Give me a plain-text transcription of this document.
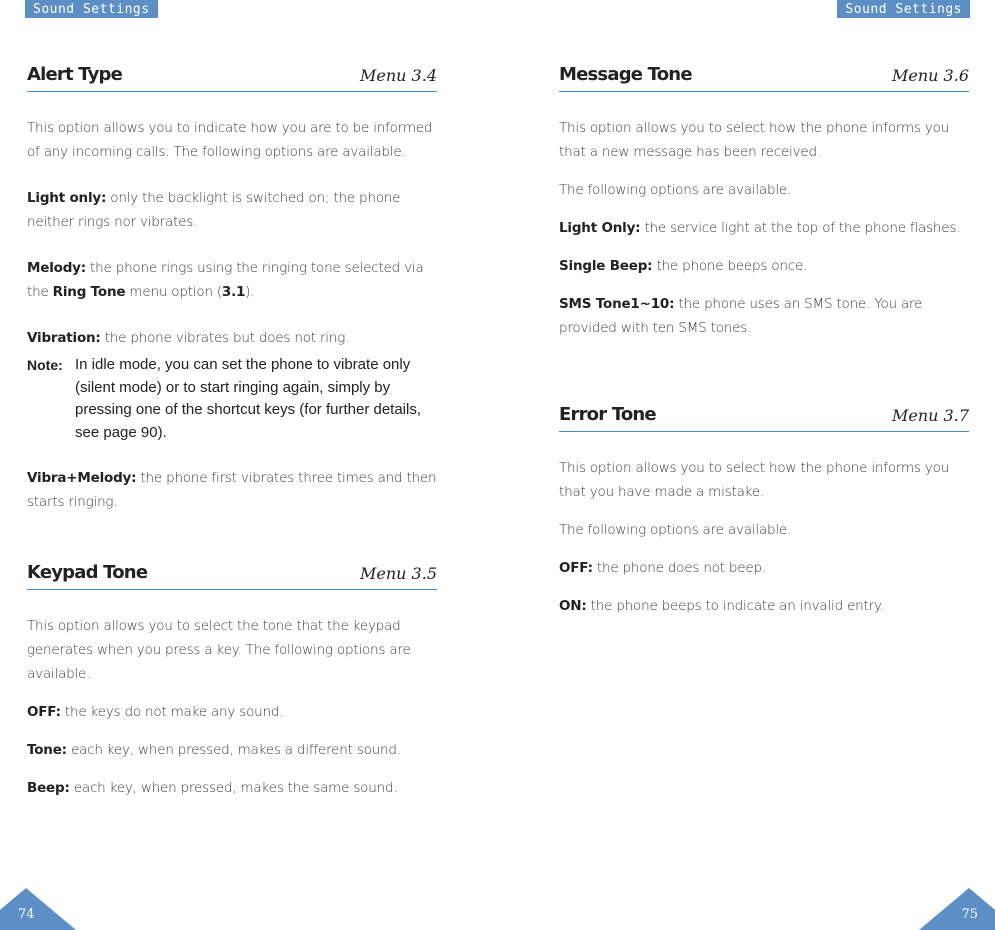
Sound Settings	Sound Settings
Alert Type	Menu 3.4

This option allows you to indicate how you are to be informed of any incoming calls. The following options are available.

Light only: only the backlight is switched on; the phone neither rings nor vibrates.

Melody: the phone rings using the ringing tone selected via the Ring Tone menu option (3.1).

Vibration: the phone vibrates but does not ring.

Note: In idle mode, you can set the phone to vibrate only (silent mode) or to start ringing again, simply by pressing one of the shortcut keys (for further details, see page 90).

Vibra+Melody: the phone first vibrates three times and then starts ringing.

Keypad Tone	Menu 3.5

This option allows you to select the tone that the keypad generates when you press a key. The following options are available.

OFF: the keys do not make any sound.

Tone: each key, when pressed, makes a different sound.

Beep: each key, when pressed, makes the same sound.

Message Tone	Menu 3.6

This option allows you to select how the phone informs you that a new message has been received.

The following options are available.

Light Only: the service light at the top of the phone flashes.

Single Beep: the phone beeps once.

SMS Tone1~10: the phone uses an SMS tone. You are provided with ten SMS tones.

Error Tone	Menu 3.7

This option allows you to select how the phone informs you that you have made a mistake.

The following options are available.

OFF: the phone does not beep.

ON: the phone beeps to indicate an invalid entry.

74	75
